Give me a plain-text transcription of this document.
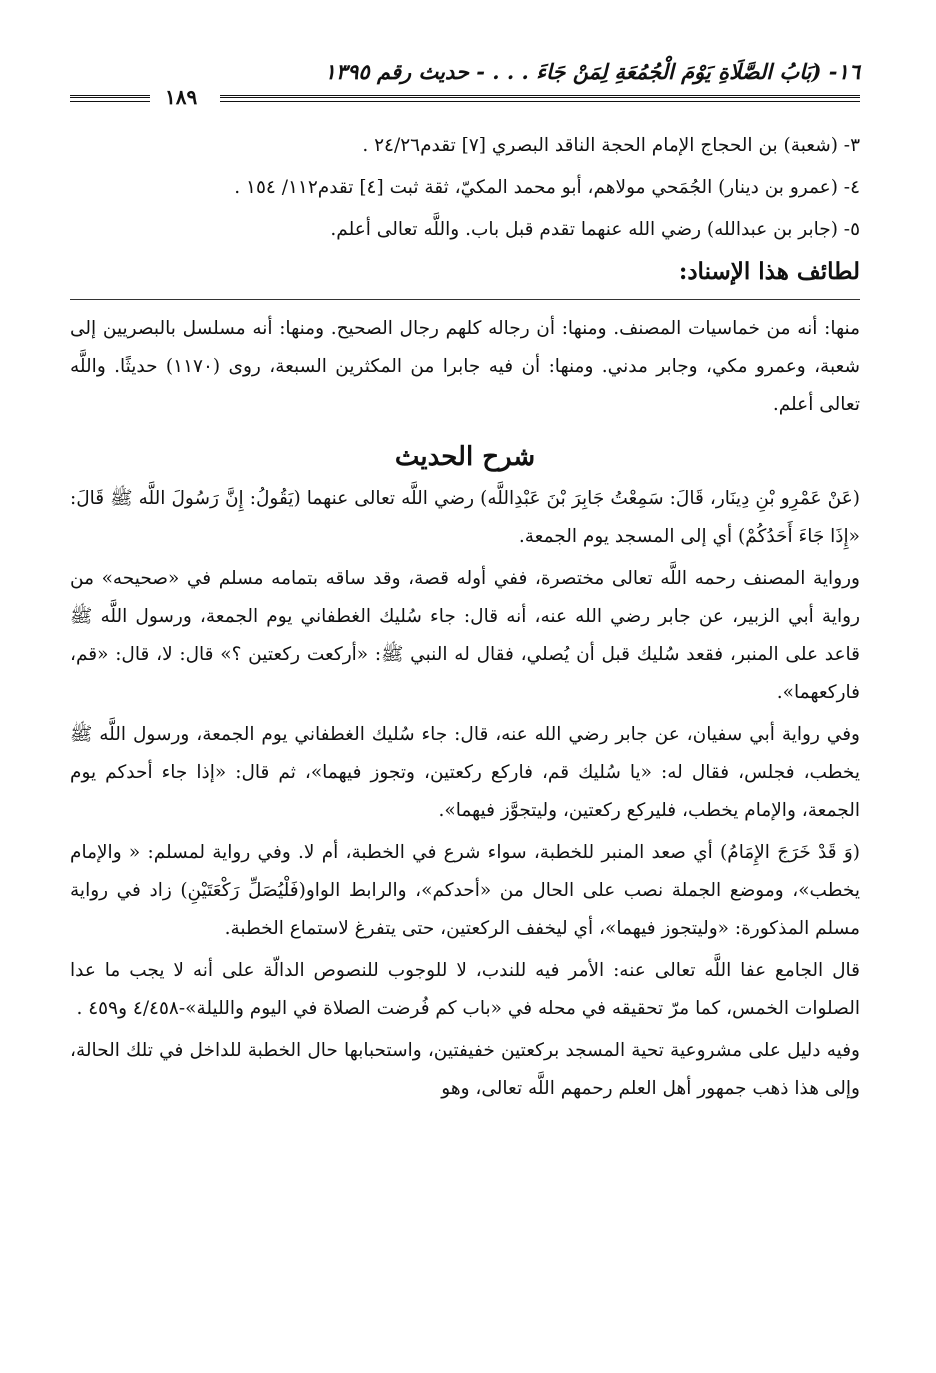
١٦- (بَابُ الصَّلَاةِ يَوْمَ الْجُمُعَةِ لِمَنْ جَاءَ . . . - حديث رقم ١٣٩٥
١٨٩

٣- (شعبة) بن الحجاج الإمام الحجة الناقد البصري [٧] تقدم٢٤/٢٦ .

٤- (عمرو بن دينار) الجُمَحي مولاهم، أبو محمد المكيّ، ثقة ثبت [٤] تقدم١١٢/ ١٥٤ .

٥- (جابر بن عبدالله) رضي الله عنهما تقدم قبل باب. واللَّه تعالى أعلم.

لطائف هذا الإسناد:

منها: أنه من خماسيات المصنف. ومنها: أن رجاله كلهم رجال الصحيح. ومنها: أنه مسلسل بالبصريين إلى شعبة، وعمرو مكي، وجابر مدني. ومنها: أن فيه جابرا من المكثرين السبعة، روى (١١٧٠) حديثًا. واللَّه تعالى أعلم.

شرح الحديث

(عَنْ عَمْرِو بْنِ دِينَار، قَالَ: سَمِعْتُ جَابِرَ بْنَ عَبْدِاللَّه) رضي اللَّه تعالى عنهما (يَقُولُ: إِنَّ رَسُولَ اللَّه ﷺ قَالَ: «إِذَا جَاءَ أَحَدُكُمْ) أي إلى المسجد يوم الجمعة.

ورواية المصنف رحمه اللَّه تعالى مختصرة، ففي أوله قصة، وقد ساقه بتمامه مسلم في «صحيحه» من رواية أبي الزبير، عن جابر رضي الله عنه، أنه قال: جاء سُليك الغطفاني يوم الجمعة، ورسول اللَّه ﷺ قاعد على المنبر، فقعد سُليك قبل أن يُصلي، فقال له النبي ﷺ: «أركعت ركعتين ؟» قال: لا، قال: «قم، فاركعهما».

وفي رواية أبي سفيان، عن جابر رضي الله عنه، قال: جاء سُليك الغطفاني يوم الجمعة، ورسول اللَّه ﷺ يخطب، فجلس، فقال له: «يا سُليك قم، فاركع ركعتين، وتجوز فيهما»، ثم قال: «إذا جاء أحدكم يوم الجمعة، والإمام يخطب، فليركع ركعتين، وليتجوَّز فيهما».

(وَ قَدْ خَرَجَ الإِمَامُ) أي صعد المنبر للخطبة، سواء شرع في الخطبة، أم لا. وفي رواية لمسلم: « والإمام يخطب»، وموضع الجملة نصب على الحال من «أحدكم»، والرابط الواو(فَلْيُصَلِّ رَكْعَتَيْنِ) زاد في رواية مسلم المذكورة: «وليتجوز فيهما»، أي ليخفف الركعتين، حتى يتفرغ لاستماع الخطبة.

قال الجامع عفا اللَّه تعالى عنه: الأمر فيه للندب، لا للوجوب للنصوص الدالّة على أنه لا يجب ما عدا الصلوات الخمس، كما مرّ تحقيقه في محله في «باب كم فُرضت الصلاة في اليوم والليلة»-٤/٤٥٨ و٤٥٩ .

وفيه دليل على مشروعية تحية المسجد بركعتين خفيفتين، واستحبابها حال الخطبة للداخل في تلك الحالة، وإلى هذا ذهب جمهور أهل العلم رحمهم اللَّه تعالى، وهو
